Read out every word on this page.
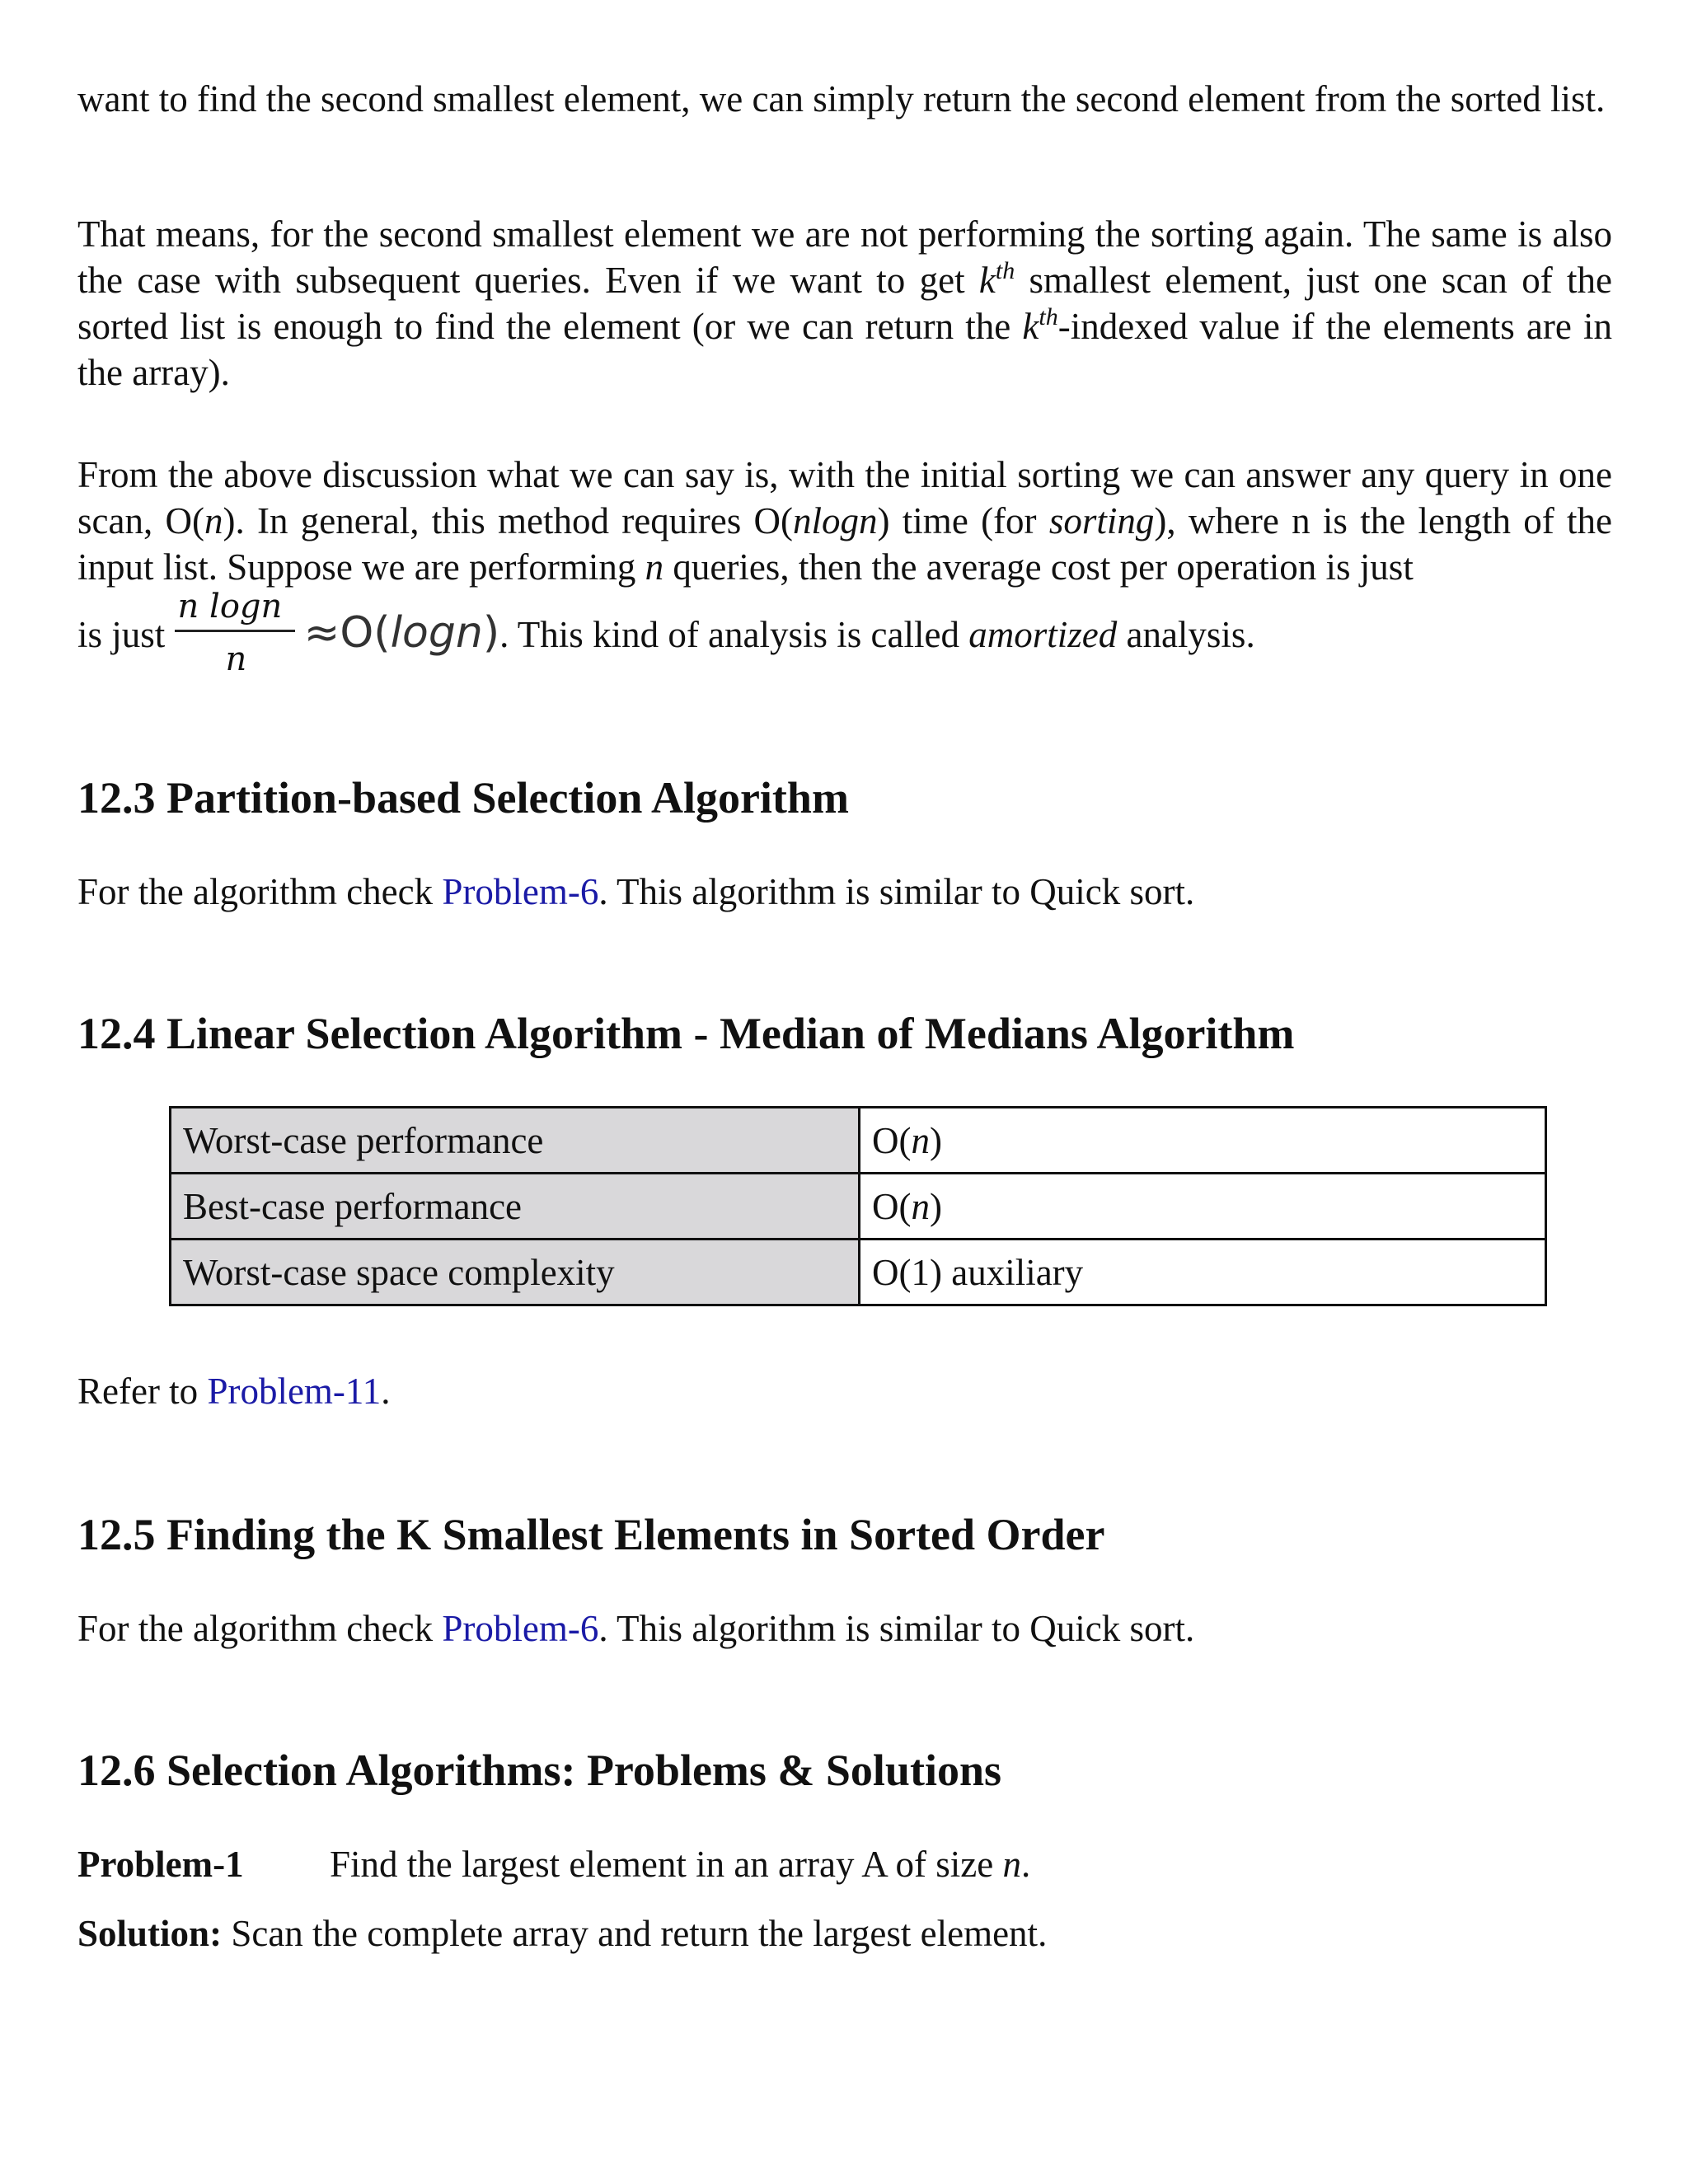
want to find the second smallest element, we can simply return the second element from the sorted list.

That means, for the second smallest element we are not performing the sorting again. The same is also the case with subsequent queries. Even if we want to get $k^{th}$ smallest element, just one scan of the sorted list is enough to find the element (or we can return the $k^{th}$-indexed value if the elements are in the array).

From the above discussion what we can say is, with the initial sorting we can answer any query in one scan, O(n). In general, this method requires O(nlogn) time (for sorting), where n is the length of the input list. Suppose we are performing n queries, then the average cost per operation is just

is just $\frac{\text{n logn}}{n} \approx O(\log n)$. This kind of analysis is called amortized analysis.
12.3 Partition-based Selection Algorithm

For the algorithm check Problem-6. This algorithm is similar to Quick sort.

12.4 Linear Selection Algorithm - Median of Medians Algorithm
Worst-case performance	O(n)
Best-case performance	O(n)
Worst-case space complexity	O(1) auxiliary

Refer to Problem-11.

12.5 Finding the K Smallest Elements in Sorted Order

For the algorithm check Problem-6. This algorithm is similar to Quick sort.

12.6 Selection Algorithms: Problems & Solutions
Problem-1 Find the largest element in an array A of size n.
Solution: Scan the complete array and return the largest element.
